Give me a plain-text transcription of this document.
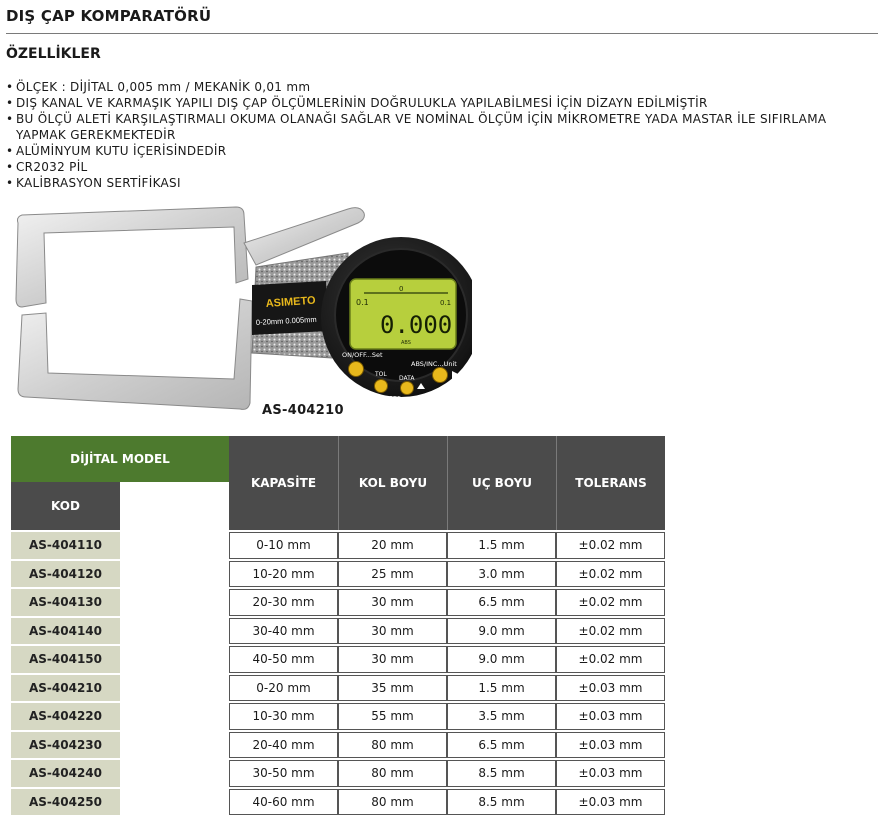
DIŞ ÇAP KOMPARATÖRÜ
ÖZELLİKLER
• ÖLÇEK : DİJİTAL 0,005 mm / MEKANİK 0,01 mm
• DIŞ KANAL VE KARMAŞIK YAPILI DIŞ ÇAP ÖLÇÜMLERİNİN DOĞRULUKLA YAPILABİLMESİ İÇİN DİZAYN EDİLMİŞTİR
• BU ÖLÇÜ ALETİ KARŞILAŞTIRMALI OKUMA OLANAĞI SAĞLAR VE NOMİNAL ÖLÇÜM İÇİN MİKROMETRE YADA MASTAR İLE SIFIRLAMA YAPMAK GEREKMEKTEDİR
• ALÜMİNYUM KUTU İÇERİSİNDEDİR
• CR2032 PİL
• KALİBRASYON SERTİFİKASI
ASIMETO
0-20mm 0.005mm
0.1
0
0.1
0.000
ABS
ON/OFF...Set
ABS/INC...Unit
TOL
DATA
MODE
AS-404210
DİJİTAL MODEL
KOD
KAPASİTE	KOL BOYU	UÇ BOYU	TOLERANS
AS-404110	0-10 mm	20 mm	1.5 mm	±0.02 mm
AS-404120	10-20 mm	25 mm	3.0 mm	±0.02 mm
AS-404130	20-30 mm	30 mm	6.5 mm	±0.02 mm
AS-404140	30-40 mm	30 mm	9.0 mm	±0.02 mm
AS-404150	40-50 mm	30 mm	9.0 mm	±0.02 mm
AS-404210	0-20 mm	35 mm	1.5 mm	±0.03 mm
AS-404220	10-30 mm	55 mm	3.5 mm	±0.03 mm
AS-404230	20-40 mm	80 mm	6.5 mm	±0.03 mm
AS-404240	30-50 mm	80 mm	8.5 mm	±0.03 mm
AS-404250	40-60 mm	80 mm	8.5 mm	±0.03 mm
